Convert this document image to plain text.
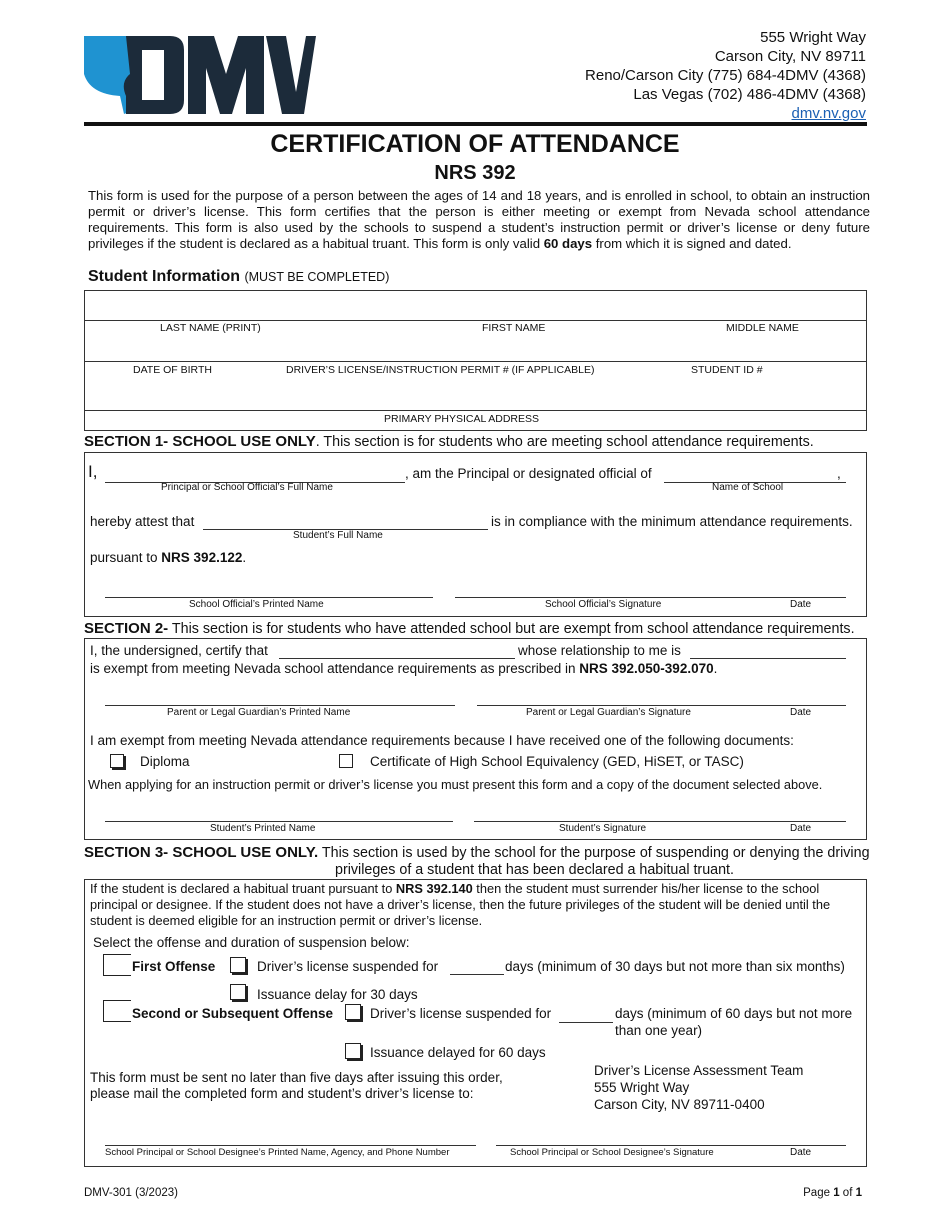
555 Wright Way
Carson City, NV 89711
Reno/Carson City (775) 684-4DMV (4368)
Las Vegas (702) 486-4DMV (4368)
dmv.nv.gov
CERTIFICATION OF ATTENDANCE
NRS 392
This form is used for the purpose of a person between the ages of 14 and 18 years, and is enrolled in school, to obtain an instruction permit or driver’s license. This form certifies that the person is either meeting or exempt from Nevada school attendance requirements. This form is also used by the schools to suspend a student’s instruction permit or driver’s license or deny future privileges if the student is declared as a habitual truant. This form is only valid 60 days from which it is signed and dated.
Student Information (MUST BE COMPLETED)
LAST NAME (PRINT)	FIRST NAME	MIDDLE NAME
DATE OF BIRTH	DRIVER’S LICENSE/INSTRUCTION PERMIT # (IF APPLICABLE)	STUDENT ID #
PRIMARY PHYSICAL ADDRESS
SECTION 1- SCHOOL USE ONLY. This section is for students who are meeting school attendance requirements.
I,	, am the Principal or designated official of	,
Principal or School Official’s Full Name	Name of School
hereby attest that	is in compliance with the minimum attendance requirements.
Student’s Full Name
pursuant to NRS 392.122.
School Official’s Printed Name	School Official’s Signature	Date
SECTION 2- This section is for students who have attended school but are exempt from school attendance requirements.
I, the undersigned, certify that	whose relationship to me is
is exempt from meeting Nevada school attendance requirements as prescribed in NRS 392.050-392.070.
Parent or Legal Guardian’s Printed Name	Parent or Legal Guardian’s Signature	Date
I am exempt from meeting Nevada attendance requirements because I have received one of the following documents:
Diploma	Certificate of High School Equivalency (GED, HiSET, or TASC)
When applying for an instruction permit or driver’s license you must present this form and a copy of the document selected above.
Student’s Printed Name	Student’s Signature	Date
SECTION 3- SCHOOL USE ONLY. This section is used by the school for the purpose of suspending or denying the driving
privileges of a student that has been declared a habitual truant.
If the student is declared a habitual truant pursuant to NRS 392.140 then the student must surrender his/her license to the school principal or designee. If the student does not have a driver’s license, then the future privileges of the student will be denied until the student is deemed eligible for an instruction permit or driver’s license.
Select the offense and duration of suspension below:
First Offense	Driver’s license suspended for	days (minimum of 30 days but not more than six months)
Issuance delay for 30 days
Second or Subsequent Offense	Driver’s license suspended for	days (minimum of 60 days but not more
than one year)
Issuance delayed for 60 days
This form must be sent no later than five days after issuing this order,
please mail the completed form and student’s driver’s license to:
Driver’s License Assessment Team
555 Wright Way
Carson City, NV 89711-0400
School Principal or School Designee’s Printed Name, Agency, and Phone Number	School Principal or School Designee’s Signature	Date
DMV-301 (3/2023)	Page 1 of 1
